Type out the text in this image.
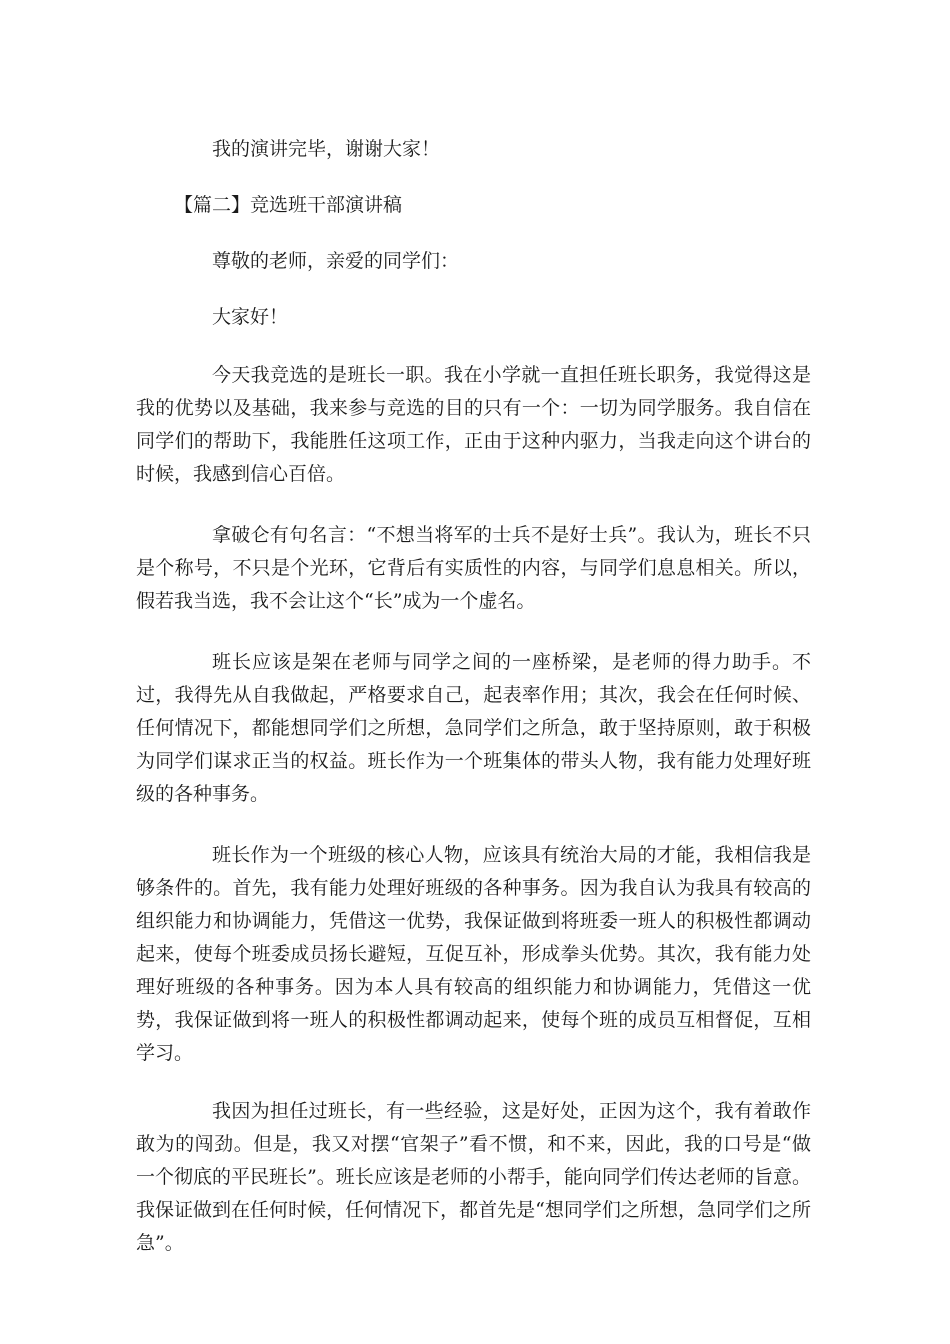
我的演讲完毕，谢谢大家！

【篇二】竞选班干部演讲稿

尊敬的老师，亲爱的同学们：

大家好！

今天我竞选的是班长一职。我在小学就一直担任班长职务，我觉得这是我的优势以及基础，我来参与竞选的目的只有一个：一切为同学服务。我自信在同学们的帮助下，我能胜任这项工作，正由于这种内驱力，当我走向这个讲台的时候，我感到信心百倍。

拿破仑有句名言：“不想当将军的士兵不是好士兵”。我认为，班长不只是个称号，不只是个光环，它背后有实质性的内容，与同学们息息相关。所以，假若我当选，我不会让这个“长”成为一个虚名。

班长应该是架在老师与同学之间的一座桥梁，是老师的得力助手。不过，我得先从自我做起，严格要求自己，起表率作用；其次，我会在任何时候、任何情况下，都能想同学们之所想，急同学们之所急，敢于坚持原则，敢于积极为同学们谋求正当的权益。班长作为一个班集体的带头人物，我有能力处理好班级的各种事务。

班长作为一个班级的核心人物，应该具有统治大局的才能，我相信我是够条件的。首先，我有能力处理好班级的各种事务。因为我自认为我具有较高的组织能力和协调能力，凭借这一优势，我保证做到将班委一班人的积极性都调动起来，使每个班委成员扬长避短，互促互补，形成拳头优势。其次，我有能力处理好班级的各种事务。因为本人具有较高的组织能力和协调能力，凭借这一优势，我保证做到将一班人的积极性都调动起来，使每个班的成员互相督促，互相学习。

我因为担任过班长，有一些经验，这是好处，正因为这个，我有着敢作敢为的闯劲。但是，我又对摆“官架子”看不惯，和不来，因此，我的口号是“做一个彻底的平民班长”。班长应该是老师的小帮手，能向同学们传达老师的旨意。我保证做到在任何时候，任何情况下，都首先是“想同学们之所想，急同学们之所急”。
